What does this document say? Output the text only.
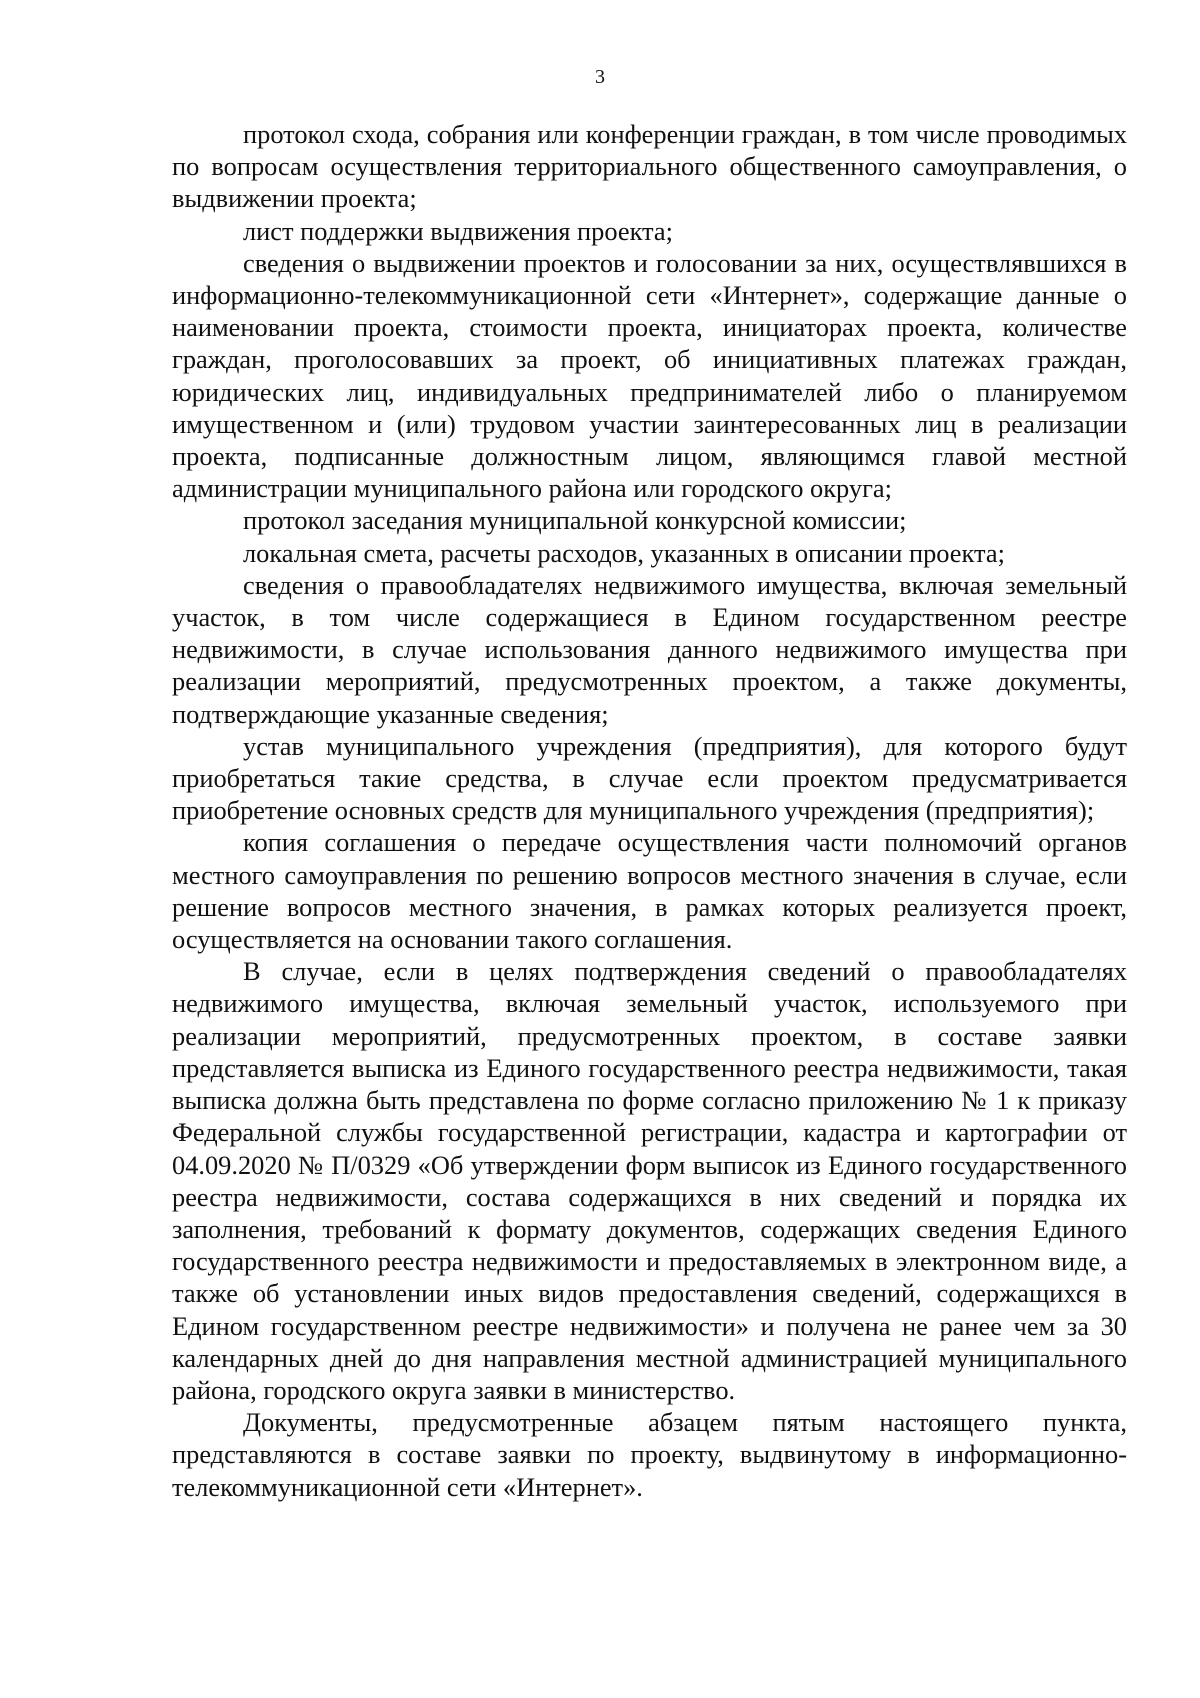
3

протокол схода, собрания или конференции граждан, в том числе проводимых по вопросам осуществления территориального общественного самоуправления, о выдвижении проекта;

лист поддержки выдвижения проекта;

сведения о выдвижении проектов и голосовании за них, осуществлявшихся в информационно-телекоммуникационной сети «Интернет», содержащие данные о наименовании проекта, стоимости проекта, инициаторах проекта, количестве граждан, проголосовавших за проект, об инициативных платежах граждан, юридических лиц, индивидуальных предпринимателей либо о планируемом имущественном и (или) трудовом участии заинтересованных лиц в реализации проекта, подписанные должностным лицом, являющимся главой местной администрации муниципального района или городского округа;

протокол заседания муниципальной конкурсной комиссии;

локальная смета, расчеты расходов, указанных в описании проекта;

сведения о правообладателях недвижимого имущества, включая земельный участок, в том числе содержащиеся в Едином государственном реестре недвижимости, в случае использования данного недвижимого имущества при реализации мероприятий, предусмотренных проектом, а также документы, подтверждающие указанные сведения;

устав муниципального учреждения (предприятия), для которого будут приобретаться такие средства, в случае если проектом предусматривается приобретение основных средств для муниципального учреждения (предприятия);

копия соглашения о передаче осуществления части полномочий органов местного самоуправления по решению вопросов местного значения в случае, если решение вопросов местного значения, в рамках которых реализуется проект, осуществляется на основании такого соглашения.

В случае, если в целях подтверждения сведений о правообладателях недвижимого имущества, включая земельный участок, используемого при реализации мероприятий, предусмотренных проектом, в составе заявки представляется выписка из Единого государственного реестра недвижимости, такая выписка должна быть представлена по форме согласно приложению № 1 к приказу Федеральной службы государственной регистрации, кадастра и картографии от 04.09.2020 № П/0329 «Об утверждении форм выписок из Единого государственного реестра недвижимости, состава содержащихся в них сведений и порядка их заполнения, требований к формату документов, содержащих сведения Единого государственного реестра недвижимости и предоставляемых в электронном виде, а также об установлении иных видов предоставления сведений, содержащихся в Едином государственном реестре недвижимости» и получена не ранее чем за 30 календарных дней до дня направления местной администрацией муниципального района, городского округа заявки в министерство.

Документы, предусмотренные абзацем пятым настоящего пункта, представляются в составе заявки по проекту, выдвинутому в информационно-телекоммуникационной сети «Интернет».
